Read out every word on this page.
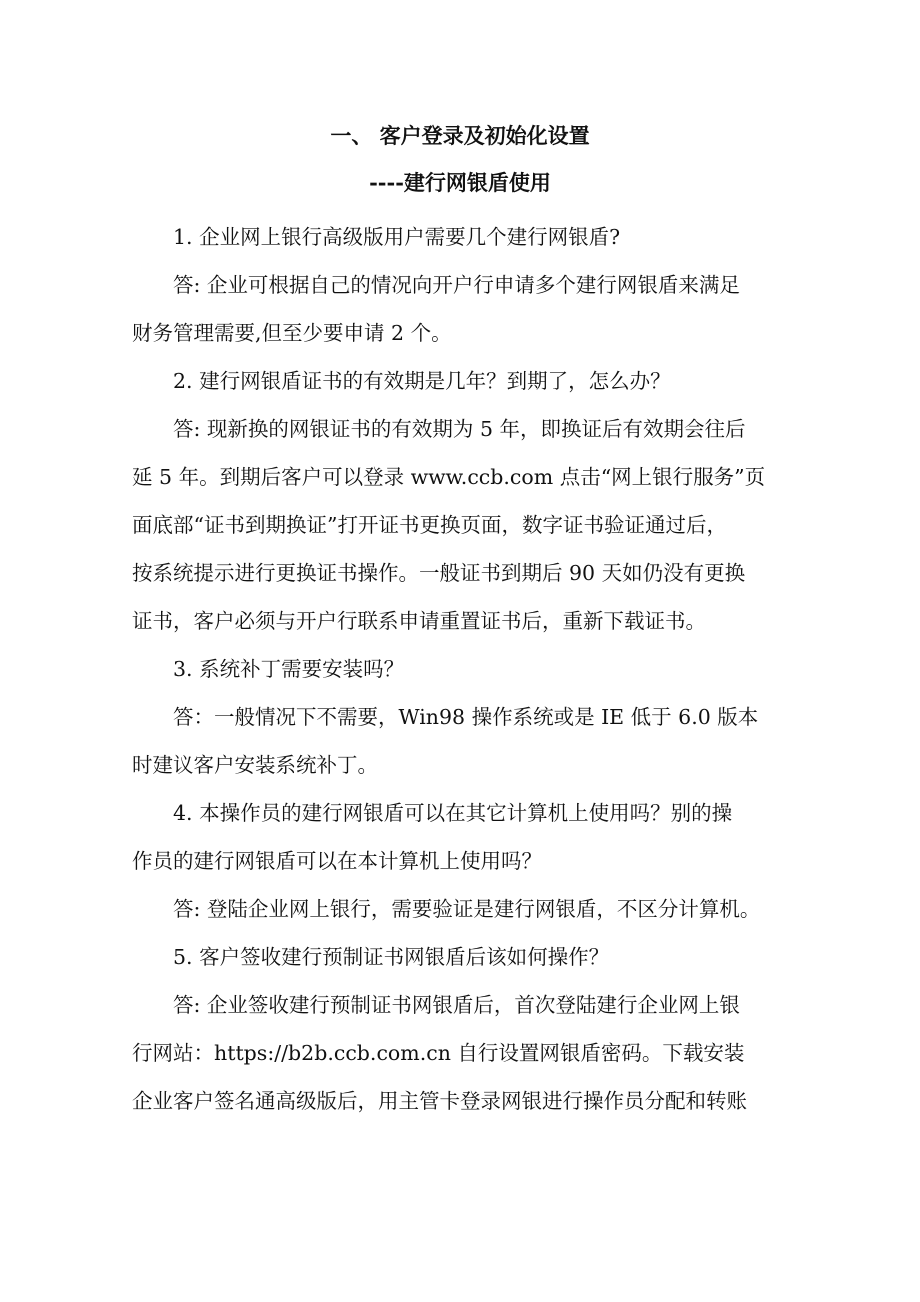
一、 客户登录及初始化设置
----建行网银盾使用

1. 企业网上银行高级版用户需要几个建行网银盾?

答: 企业可根据自己的情况向开户行申请多个建行网银盾来满足

财务管理需要,但至少要申请 2 个。

2. 建行网银盾证书的有效期是几年？到期了，怎么办？

答: 现新换的网银证书的有效期为 5 年，即换证后有效期会往后

延 5 年。到期后客户可以登录 www.ccb.com 点击“网上银行服务”页

面底部“证书到期换证”打开证书更换页面，数字证书验证通过后，

按系统提示进行更换证书操作。一般证书到期后 90 天如仍没有更换

证书，客户必须与开户行联系申请重置证书后，重新下载证书。

3. 系统补丁需要安装吗？

答：一般情况下不需要，Win98 操作系统或是 IE 低于 6.0 版本

时建议客户安装系统补丁。

4. 本操作员的建行网银盾可以在其它计算机上使用吗？别的操

作员的建行网银盾可以在本计算机上使用吗？

答: 登陆企业网上银行，需要验证是建行网银盾，不区分计算机。

5. 客户签收建行预制证书网银盾后该如何操作？

答: 企业签收建行预制证书网银盾后，首次登陆建行企业网上银

行网站：https://b2b.ccb.com.cn 自行设置网银盾密码。下载安装

企业客户签名通高级版后，用主管卡登录网银进行操作员分配和转账
